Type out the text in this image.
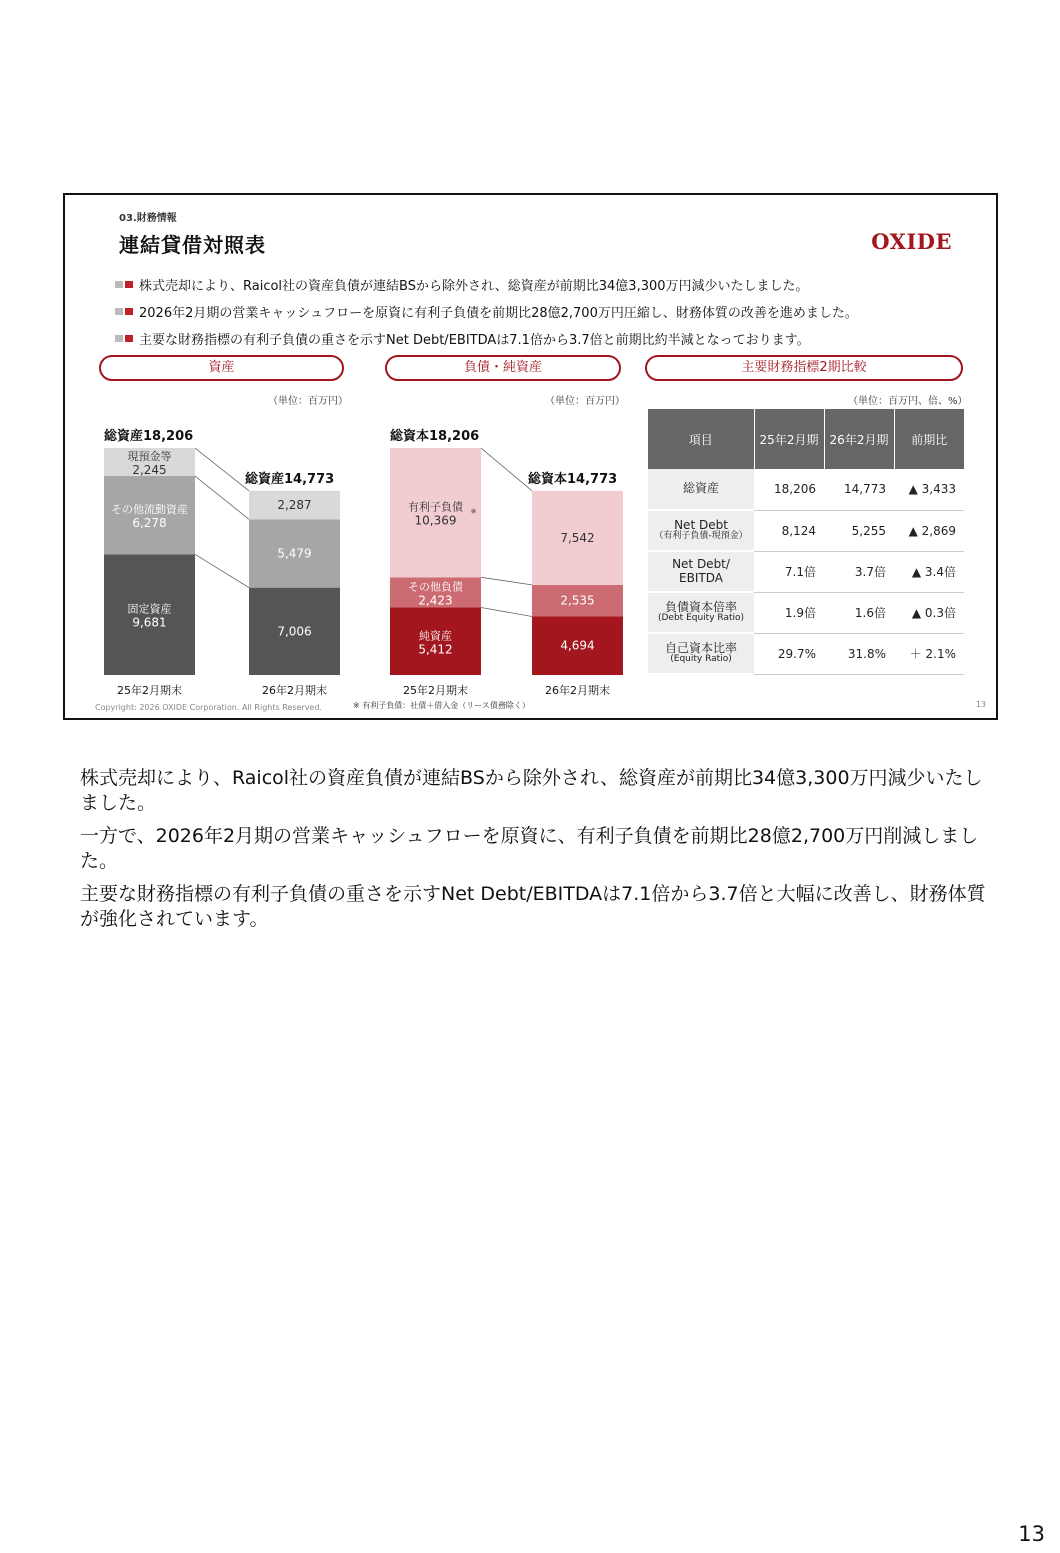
03.財務情報
連結貸借対照表	OXIDE
株式売却により、Raicol社の資産負債が連結BSから除外され、総資産が前期比34億3,300万円減少いたしました。
2026年2月期の営業キャッシュフローを原資に有利子負債を前期比28億2,700万円圧縮し、財務体質の改善を進めました。
主要な財務指標の有利子負債の重さを示すNet Debt/EBITDAは7.1倍から3.7倍と前期比約半減となっております。
資産	負債・純資産	主要財務指標2期比較
（単位：百万円）	（単位：百万円）	（単位：百万円、倍、%）
固定資産
9,681
その他流動資産
6,278
現預金等
2,245
総資産18,206
25年2月期末
7,006
5,479
2,287
総資産14,773
26年2月期末
純資産
5,412
その他負債
2,423
有利子負債 ※
10,369
総資本18,206
25年2月期末
4,694
2,535
7,542
総資本14,773
26年2月期末
項目	25年2月期	26年2月期	前期比
総資産	18,206	14,773	▲ 3,433
Net Debt
（有利子負債-現預金）	8,124	5,255	▲ 2,869
Net Debt/
EBITDA	7.1倍	3.7倍	▲ 3.4倍
負債資本倍率
(Debt Equity Ratio)	1.9倍	1.6倍	▲ 0.3倍
自己資本比率
(Equity Ratio)	29.7%	31.8%	＋ 2.1%
Copyright: 2026 OXIDE Corporation. All Rights Reserved.	※ 有利子負債：社債＋借入金（リース債務除く）	13

株式売却により、Raicol社の資産負債が連結BSから除外され、総資産が前期比34億3,300万円減少いたしました。

一方で、2026年2月期の営業キャッシュフローを原資に、有利子負債を前期比28億2,700万円削減しました。

主要な財務指標の有利子負債の重さを示すNet Debt/EBITDAは7.1倍から3.7倍と大幅に改善し、財務体質が強化されています。

13
